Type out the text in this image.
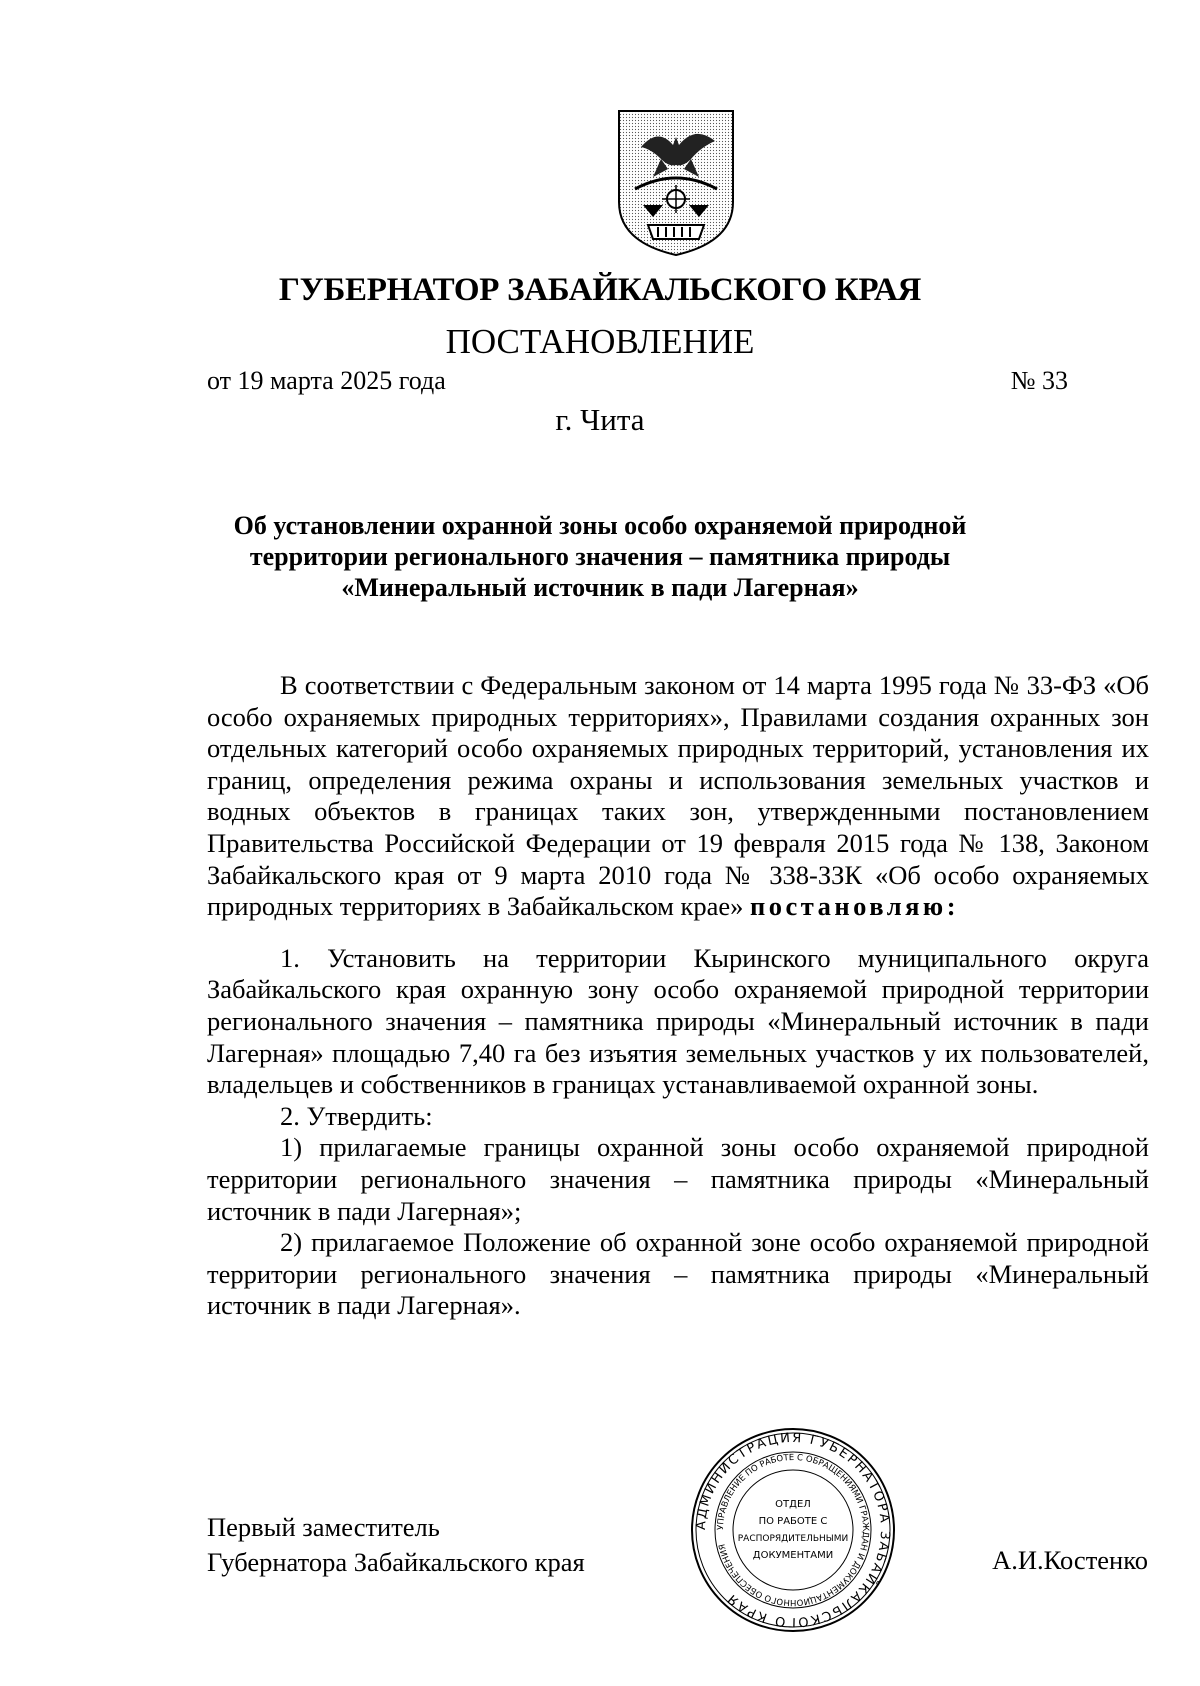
ГУБЕРНАТОР ЗАБАЙКАЛЬСКОГО КРАЯ
ПОСТАНОВЛЕНИЕ
от 19 марта 2025 года	№ 33
г. Чита
Об установлении охранной зоны особо охраняемой природной
территории регионального значения – памятника природы
«Минеральный источник в пади Лагерная»

В соответствии с Федеральным законом от 14 марта 1995 года № 33-ФЗ «Об особо охраняемых природных территориях», Правилами создания охранных зон отдельных категорий особо охраняемых природных территорий, установления их границ, определения режима охраны и использования земельных участков и водных объектов в границах таких зон, утвержденными постановлением Правительства Российской Федерации от 19 февраля 2015 года № 138, Законом Забайкальского края от 9 марта 2010 года № 338-ЗЗК «Об особо охраняемых природных территориях в Забайкальском крае» постановляю:

1. Установить на территории Кыринского муниципального округа Забайкальского края охранную зону особо охраняемой природной территории регионального значения – памятника природы «Минеральный источник в пади Лагерная» площадью 7,40 га без изъятия земельных участков у их пользователей, владельцев и собственников в границах устанавливаемой охранной зоны.

2. Утвердить:

1) прилагаемые границы охранной зоны особо охраняемой природной территории регионального значения – памятника природы «Минеральный источник в пади Лагерная»;

2) прилагаемое Положение об охранной зоне особо охраняемой природной территории регионального значения – памятника природы «Минеральный источник в пади Лагерная».

Первый заместитель
Губернатора Забайкальского края	А.И.Костенко
АДМИНИСТРАЦИЯ ГУБЕРНАТОРА ЗАБАЙКАЛЬСКОГО КРАЯ
УПРАВЛЕНИЕ ПО РАБОТЕ С ОБРАЩЕНИЯМИ ГРАЖДАН И ДОКУМЕНТАЦИОННОГО ОБЕСПЕЧЕНИЯ
ОТДЕЛ
ПО РАБОТЕ С
РАСПОРЯДИТЕЛЬНЫМИ
ДОКУМЕНТАМИ
